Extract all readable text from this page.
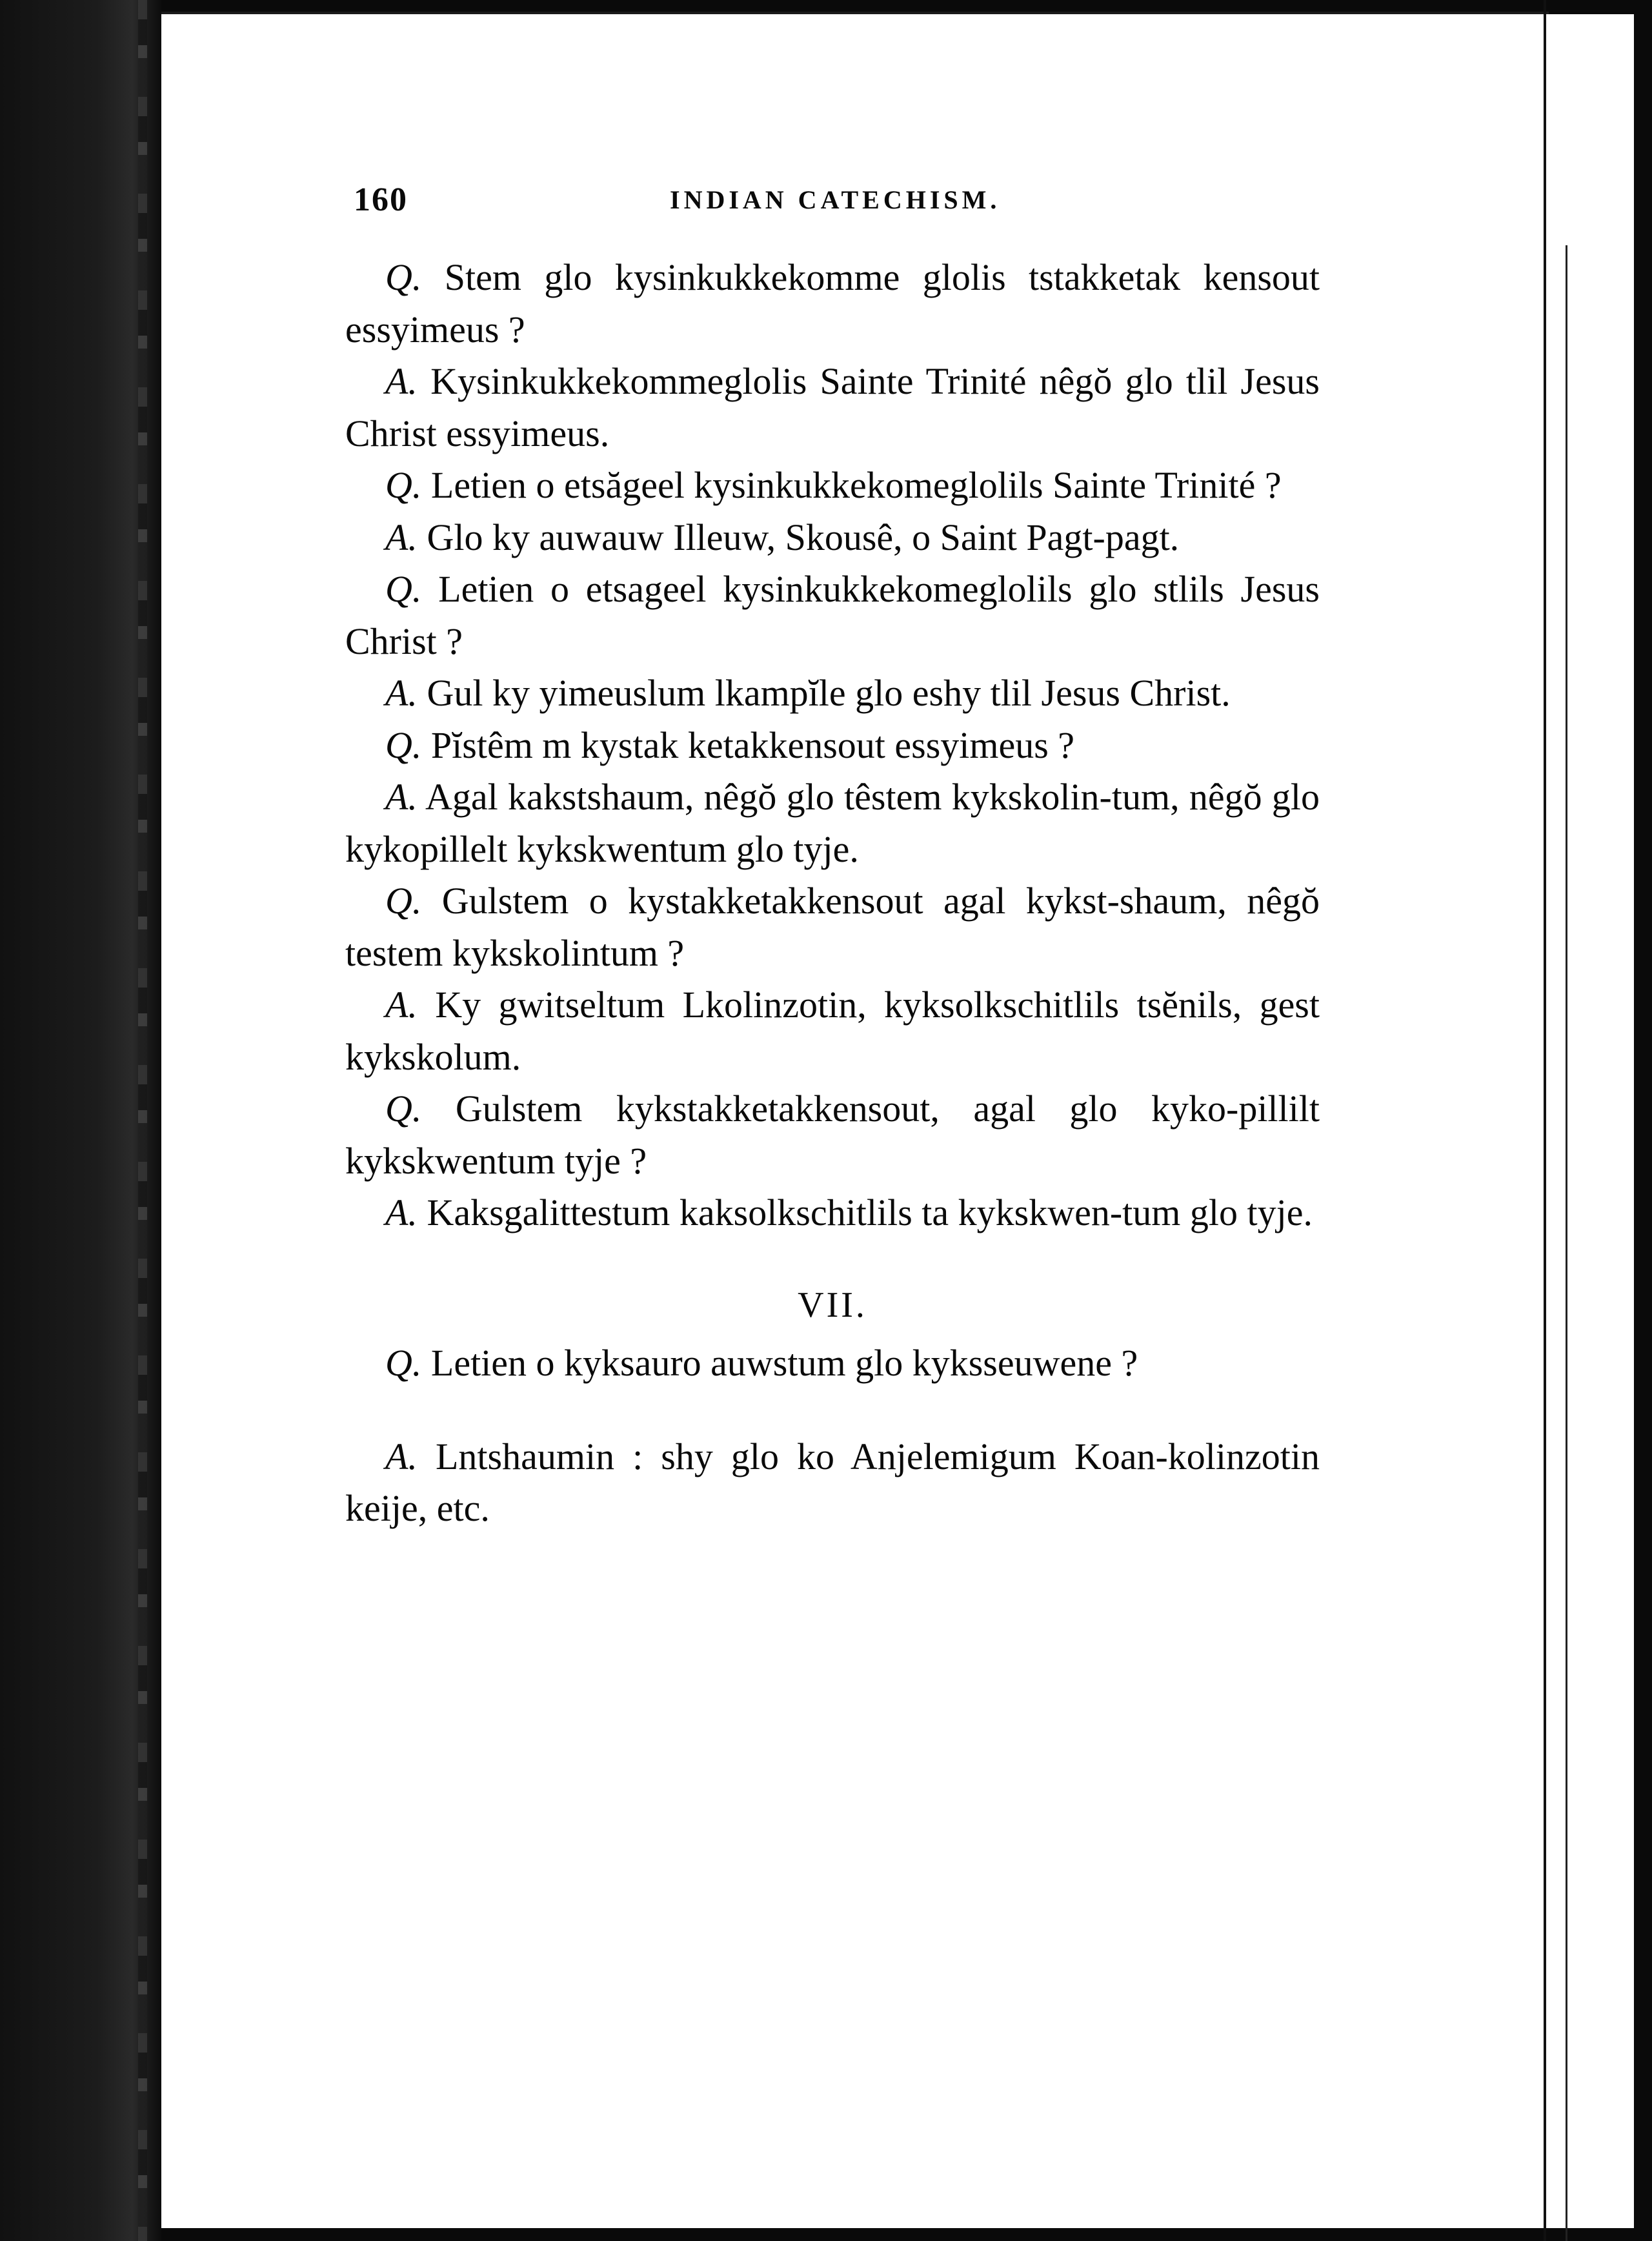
160	INDIAN CATECHISM.

Q. Stem glo kysinkukkekomme glolis tstakketak kensout essyimeus ?

A. Kysinkukkekommeglolis Sainte Trinité nêgŏ glo tlil Jesus Christ essyimeus.

Q. Letien o etsăgeel kysinkukkekomeglolils Sainte Trinité ?

A. Glo ky auwauw Illeuw, Skousê, o Saint Pagt-pagt.

Q. Letien o etsageel kysinkukkekomeglolils glo stlils Jesus Christ ?

A. Gul ky yimeuslum lkampĭle glo eshy tlil Jesus Christ.

Q. Pĭstêm m kystak ketakkensout essyimeus ?

A. Agal kakstshaum, nêgŏ glo têstem kykskolin-tum, nêgŏ glo kykopillelt kykskwentum glo tyje.

Q. Gulstem o kystakketakkensout agal kykst-shaum, nêgŏ testem kykskolintum ?

A. Ky gwitseltum Lkolinzotin, kyksolkschitlils tsĕnils, gest kykskolum.

Q. Gulstem kykstakketakkensout, agal glo kyko-pillilt kykskwentum tyje ?

A. Kaksgalittestum kaksolkschitlils ta kykskwen-tum glo tyje.

VII.

Q. Letien o kyksauro auwstum glo kyksseuwene ?

A. Lntshaumin : shy glo ko Anjelemigum Koan-kolinzotin keije, etc.
